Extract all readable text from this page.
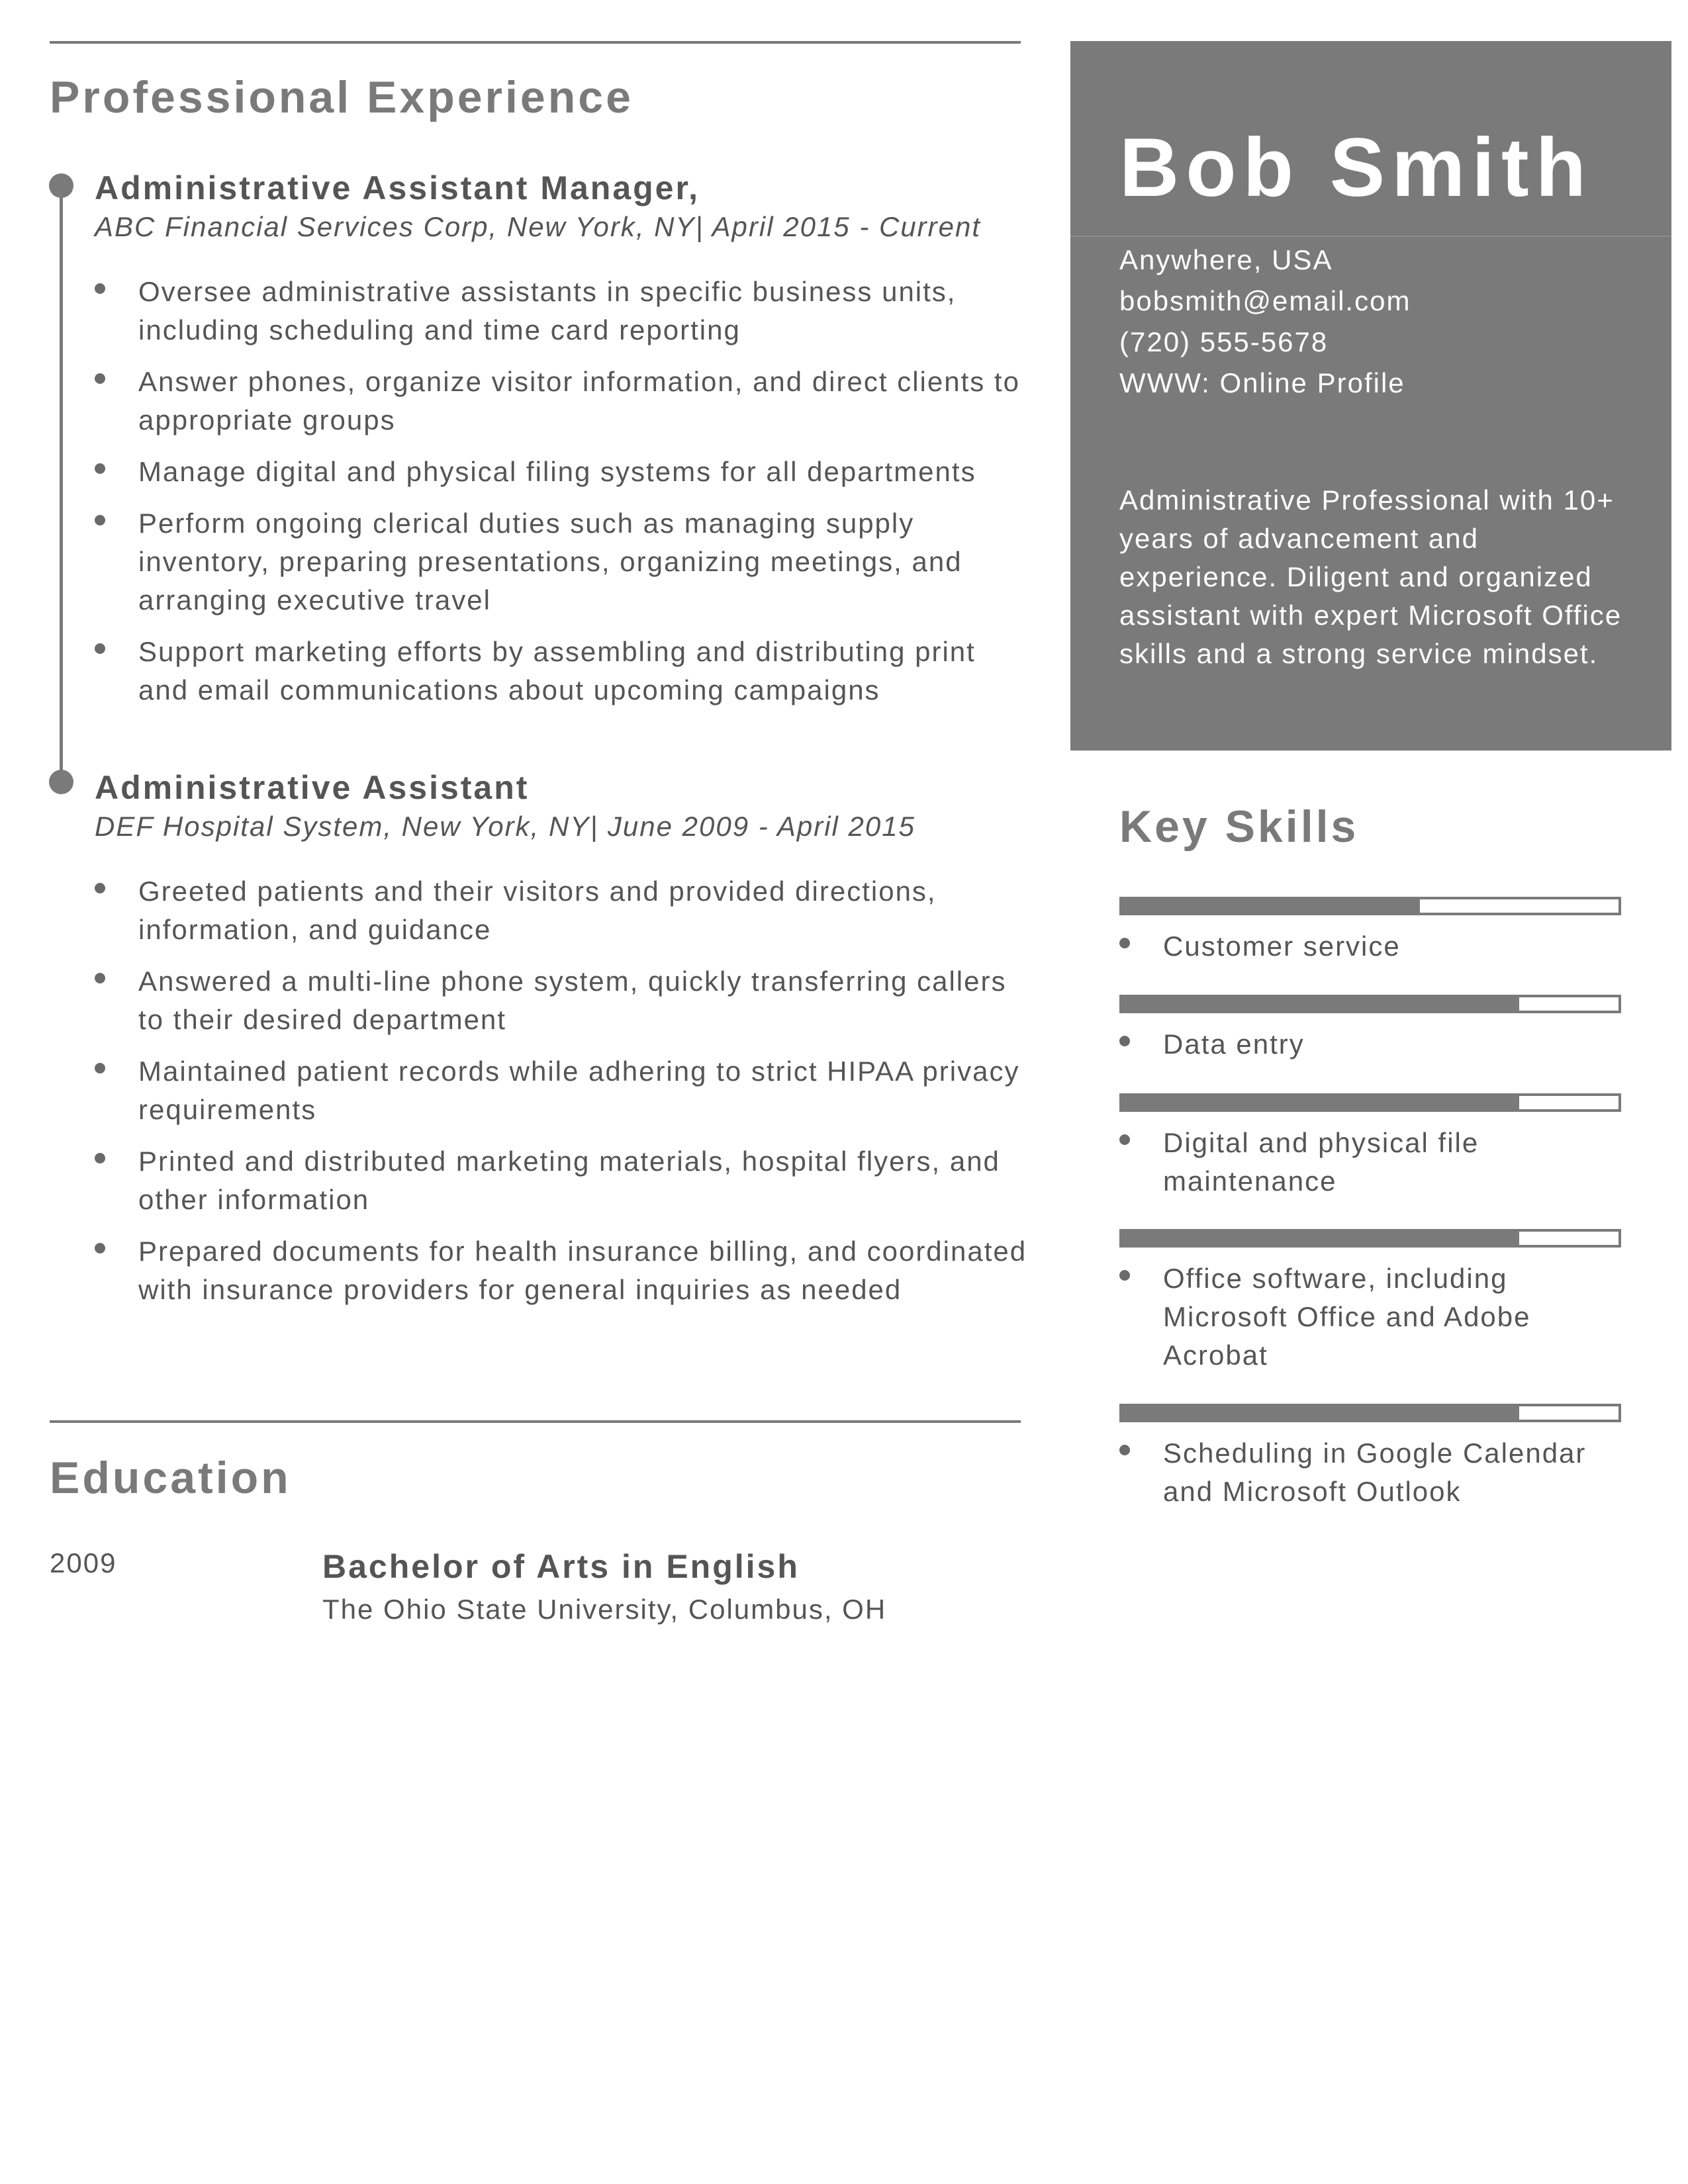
Professional Experience
Administrative Assistant Manager,
ABC Financial Services Corp, New York, NY| April 2015 - Current
Oversee administrative assistants in specific business units, including scheduling and time card reporting
Answer phones, organize visitor information, and direct clients to appropriate groups
Manage digital and physical filing systems for all departments
Perform ongoing clerical duties such as managing supply inventory, preparing presentations, organizing meetings, and arranging executive travel
Support marketing efforts by assembling and distributing print and email communications about upcoming campaigns
Administrative Assistant
DEF Hospital System, New York, NY| June 2009 - April 2015
Greeted patients and their visitors and provided directions, information, and guidance
Answered a multi-line phone system, quickly transferring callers to their desired department
Maintained patient records while adhering to strict HIPAA privacy requirements
Printed and distributed marketing materials, hospital flyers, and other information
Prepared documents for health insurance billing, and coordinated with insurance providers for general inquiries as needed
Education
2009	Bachelor of Arts in English
The Ohio State University, Columbus, OH
Bob Smith
Anywhere, USA
bobsmith@email.com
(720) 555-5678
WWW: Online Profile

Administrative Professional with 10+ years of advancement and experience. Diligent and organized assistant with expert Microsoft Office skills and a strong service mindset.

Key Skills
Customer service
Data entry
Digital and physical file maintenance
Office software, including Microsoft Office and Adobe Acrobat
Scheduling in Google Calendar and Microsoft Outlook
